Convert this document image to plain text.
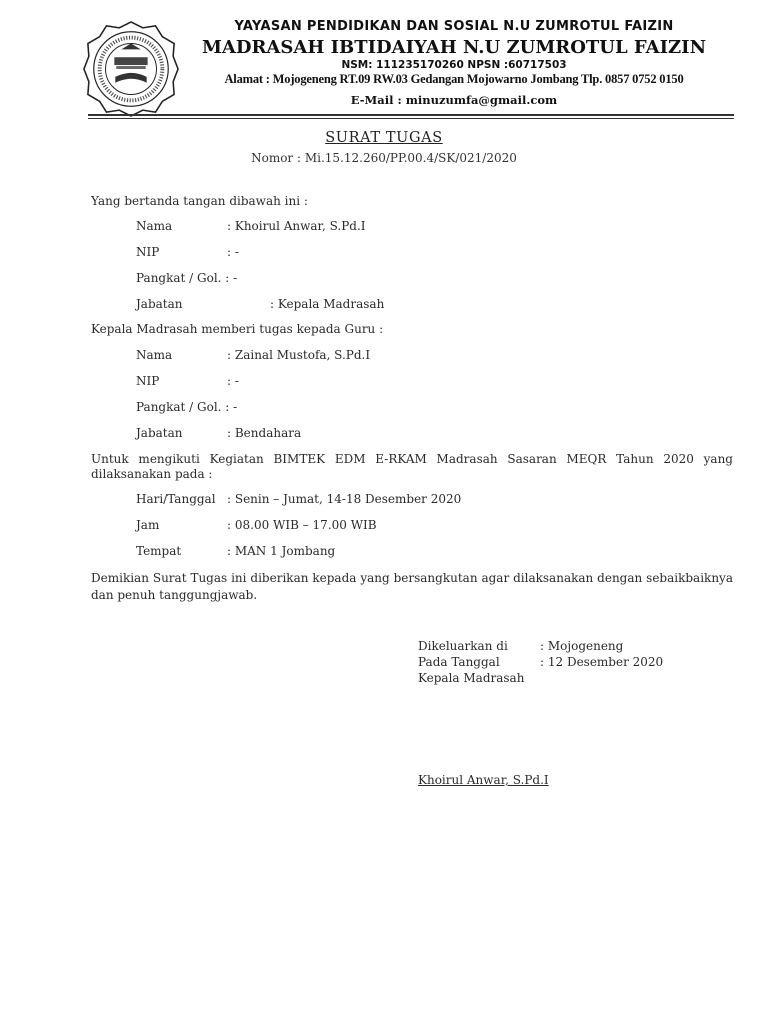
YAYASAN PENDIDIKAN DAN SOSIAL N.U ZUMROTUL FAIZIN
MADRASAH IBTIDAIYAH N.U ZUMROTUL FAIZIN
NSM: 111235170260 NPSN :60717503
Alamat : Mojogeneng RT.09 RW.03 Gedangan Mojowarno Jombang Tlp. 0857 0752 0150
E-Mail : minuzumfa@gmail.com
SURAT TUGAS
Nomor : Mi.15.12.260/PP.00.4/SK/021/2020
Yang bertanda tangan dibawah ini :
Nama	: Khoirul Anwar, S.Pd.I
NIP	: -
Pangkat / Gol. : -
Jabatan	: Kepala Madrasah
Kepala Madrasah memberi tugas kepada Guru :
Nama	: Zainal Mustofa, S.Pd.I
NIP	: -
Pangkat / Gol. : -
Jabatan	: Bendahara
Untuk mengikuti Kegiatan BIMTEK EDM E-RKAM Madrasah Sasaran MEQR Tahun 2020 yang dilaksanakan pada :
Hari/Tanggal : Senin – Jumat, 14-18 Desember 2020
Jam	: 08.00 WIB – 17.00 WIB
Tempat	: MAN 1 Jombang
Demikian Surat Tugas ini diberikan kepada yang bersangkutan agar dilaksanakan dengan sebaikbaiknya dan penuh tanggungjawab.
Dikeluarkan di	: Mojogeneng
Pada Tanggal	: 12 Desember 2020
Kepala Madrasah
Khoirul Anwar, S.Pd.I
